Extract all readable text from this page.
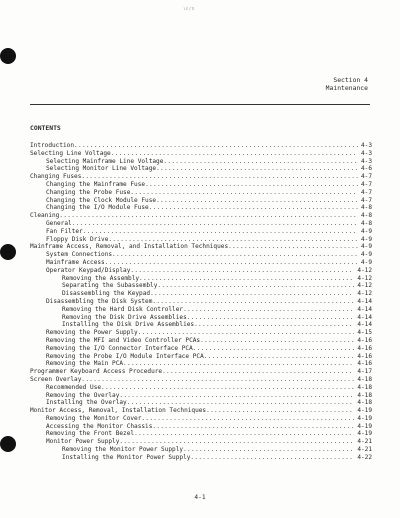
ιε/π
Section 4
Maintenance
CONTENTS
Introduction .....	4-3
Selecting Line Voltage .....	4-3
Selecting Mainframe Line Voltage .....	4-3
Selecting Monitor Line Voltage .....	4-6
Changing Fuses .....	4-7
Changing the Mainframe Fuse .....	4-7
Changing the Probe Fuse .....	4-7
Changing the Clock Module Fuse .....	4-7
Changing the I/O Module Fuse .....	4-8
Cleaning .....	4-8
General .....	4-8
Fan Filter .....	4-9
Floppy Disk Drive .....	4-9
Mainframe Access, Removal, and Installation Techniques .....	4-9
System Connections .....	4-9
Mainframe Access .....	4-9
Operator Keypad/Display .....	4-12
Removing the Assembly .....	4-12
Separating the Subassembly .....	4-12
Disassembling the Keypad .....	4-12
Disassembling the Disk System .....	4-14
Removing the Hard Disk Controller .....	4-14
Removing the Disk Drive Assemblies .....	4-14
Installing the Disk Drive Assemblies .....	4-14
Removing the Power Supply .....	4-15
Removing the MFI and Video Controller PCAs .....	4-16
Removing the I/O Connector Interface PCA .....	4-16
Removing the Probe I/O Module Interface PCA .....	4-16
Removing the Main PCA .....	4-16
Programmer Keyboard Access Procedure .....	4-17
Screen Overlay .....	4-18
Recommended Use .....	4-18
Removing the Overlay .....	4-18
Installing the Overlay .....	4-18
Monitor Access, Removal, Installation Techniques .....	4-19
Removing the Monitor Cover .....	4-19
Accessing the Monitor Chassis .....	4-19
Removing the Front Bezel .....	4-19
Monitor Power Supply .....	4-21
Removing the Monitor Power Supply .....	4-21
Installing the Monitor Power Supply .....	4-22
4-1
